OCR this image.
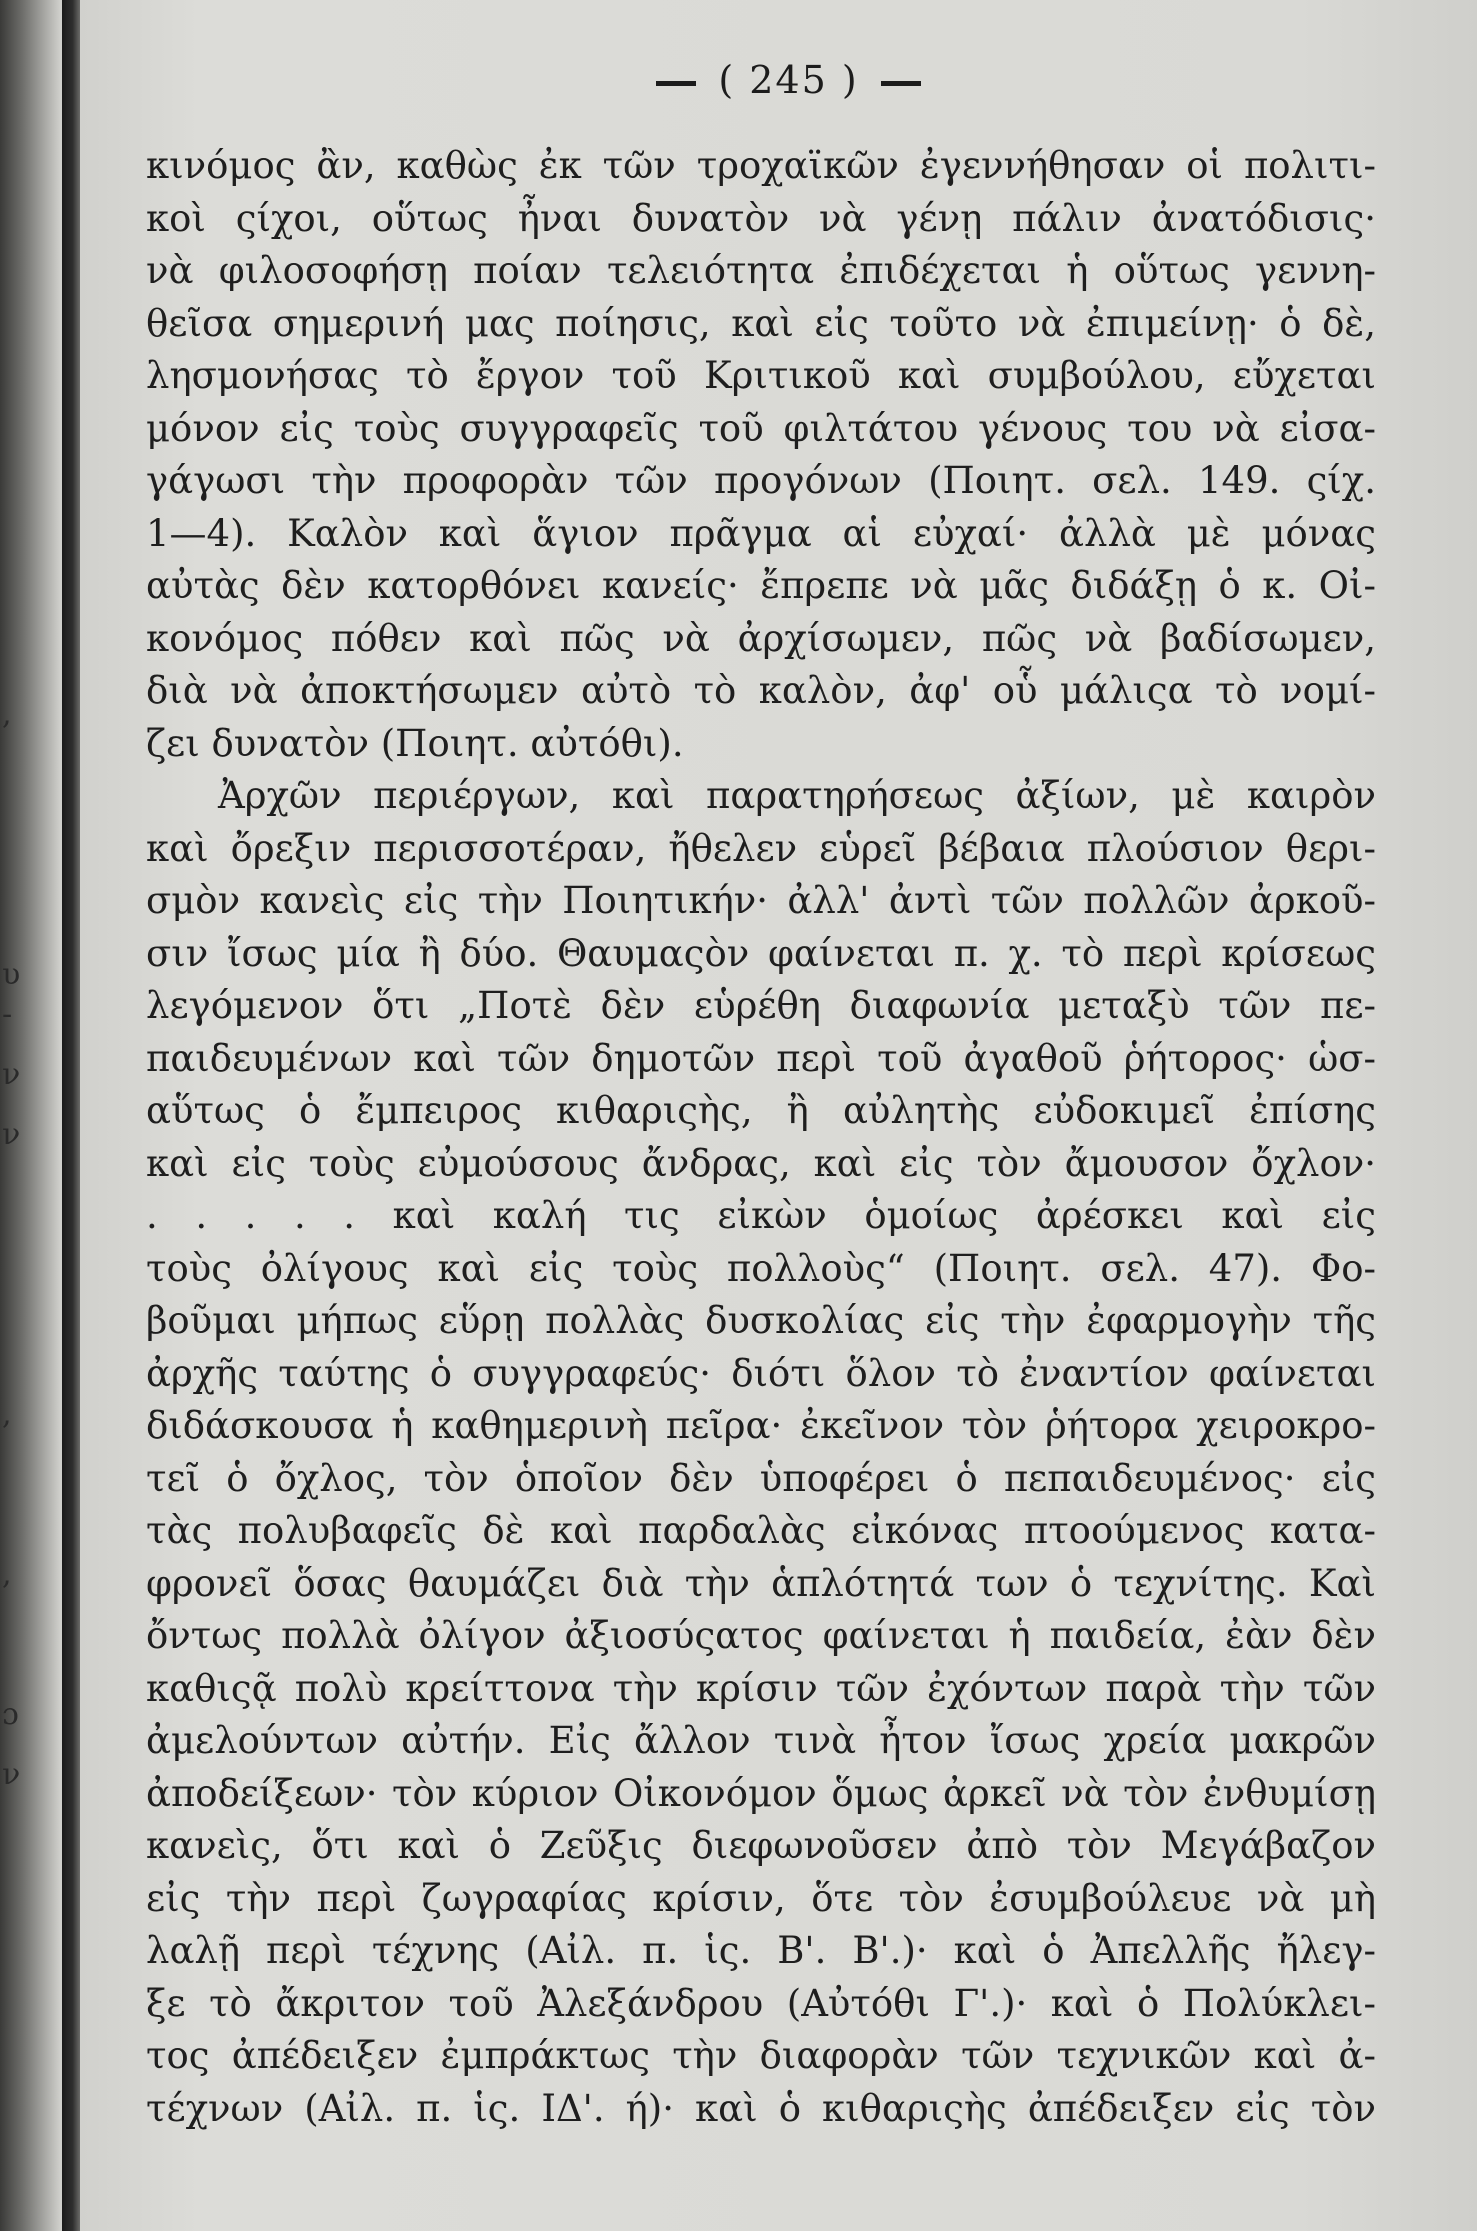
,
υ
-
ν
ν
,
,
ɔ
ν
( 245 )
κινόμος ἂν, καθὼς ἐκ τῶν τροχαϊκῶν ἐγεννήθησαν οἱ πολιτι-
κοὶ ςίχοι, οὕτως ἦναι δυνατὸν νὰ γένῃ πάλιν ἀνατόδισις·
νὰ φιλοσοφήσῃ ποίαν τελειότητα ἐπιδέχεται ἡ οὕτως γεννη-
θεῖσα σημερινή μας ποίησις, καὶ εἰς τοῦτο νὰ ἐπιμείνῃ· ὁ δὲ,
λησμονήσας τὸ ἔργον τοῦ Κριτικοῦ καὶ συμβούλου, εὔχεται
μόνον εἰς τοὺς συγγραφεῖς τοῦ φιλτάτου γένους του νὰ εἰσα-
γάγωσι τὴν προφορὰν τῶν προγόνων (Ποιητ. σελ. 149. ςίχ.
1—4). Καλὸν καὶ ἅγιον πρᾶγμα αἱ εὐχαί· ἀλλὰ μὲ μόνας
αὐτὰς δὲν κατορθόνει κανείς· ἔπρεπε νὰ μᾶς διδάξῃ ὁ κ. Οἰ-
κονόμος πόθεν καὶ πῶς νὰ ἀρχίσωμεν, πῶς νὰ βαδίσωμεν,
διὰ νὰ ἀποκτήσωμεν αὐτὸ τὸ καλὸν, ἀφ' οὗ μάλιςα τὸ νομί-
ζει δυνατὸν (Ποιητ. αὐτόθι).
Ἀρχῶν περιέργων, καὶ παρατηρήσεως ἀξίων, μὲ καιρὸν
καὶ ὄρεξιν περισσοτέραν, ἤθελεν εὑρεῖ βέβαια πλούσιον θερι-
σμὸν κανεὶς εἰς τὴν Ποιητικήν· ἀλλ' ἀντὶ τῶν πολλῶν ἀρκοῦ-
σιν ἴσως μία ἢ δύο. Θαυμαςὸν φαίνεται π. χ. τὸ περὶ κρίσεως
λεγόμενον ὅτι „Ποτὲ δὲν εὑρέθη διαφωνία μεταξὺ τῶν πε-
παιδευμένων καὶ τῶν δημοτῶν περὶ τοῦ ἀγαθοῦ ῥήτορος· ὡσ-
αὕτως ὁ ἔμπειρος κιθαριςὴς, ἢ αὐλητὴς εὐδοκιμεῖ ἐπίσης
καὶ εἰς τοὺς εὐμούσους ἄνδρας, καὶ εἰς τὸν ἄμουσον ὄχλον·
. . . . . καὶ καλή τις εἰκὼν ὁμοίως ἀρέσκει καὶ εἰς
τοὺς ὀλίγους καὶ εἰς τοὺς πολλοὺς“ (Ποιητ. σελ. 47). Φο-
βοῦμαι μήπως εὕρῃ πολλὰς δυσκολίας εἰς τὴν ἐφαρμογὴν τῆς
ἀρχῆς ταύτης ὁ συγγραφεύς· διότι ὅλον τὸ ἐναντίον φαίνεται
διδάσκουσα ἡ καθημερινὴ πεῖρα· ἐκεῖνον τὸν ῥήτορα χειροκρο-
τεῖ ὁ ὄχλος, τὸν ὁποῖον δὲν ὑποφέρει ὁ πεπαιδευμένος· εἰς
τὰς πολυβαφεῖς δὲ καὶ παρδαλὰς εἰκόνας πτοούμενος κατα-
φρονεῖ ὅσας θαυμάζει διὰ τὴν ἁπλότητά των ὁ τεχνίτης. Καὶ
ὄντως πολλὰ ὀλίγον ἀξιοσύςατος φαίνεται ἡ παιδεία, ἐὰν δὲν
καθιςᾷ πολὺ κρείττονα τὴν κρίσιν τῶν ἐχόντων παρὰ τὴν τῶν
ἀμελούντων αὐτήν. Εἰς ἄλλον τινὰ ἦτον ἴσως χρεία μακρῶν
ἀποδείξεων· τὸν κύριον Οἰκονόμον ὅμως ἀρκεῖ νὰ τὸν ἐνθυμίσῃ
κανεὶς, ὅτι καὶ ὁ Ζεῦξις διεφωνοῦσεν ἀπὸ τὸν Μεγάβαζον
εἰς τὴν περὶ ζωγραφίας κρίσιν, ὅτε τὸν ἐσυμβούλευε νὰ μὴ
λαλῇ περὶ τέχνης (Αἰλ. π. ἱς. Β'. Β'.)· καὶ ὁ Ἀπελλῆς ἤλεγ-
ξε τὸ ἄκριτον τοῦ Ἀλεξάνδρου (Αὐτόθι Γ'.)· καὶ ὁ Πολύκλει-
τος ἀπέδειξεν ἐμπράκτως τὴν διαφορὰν τῶν τεχνικῶν καὶ ἀ-
τέχνων (Αἰλ. π. ἱς. ΙΔ'. ή)· καὶ ὁ κιθαριςὴς ἀπέδειξεν εἰς τὸν
